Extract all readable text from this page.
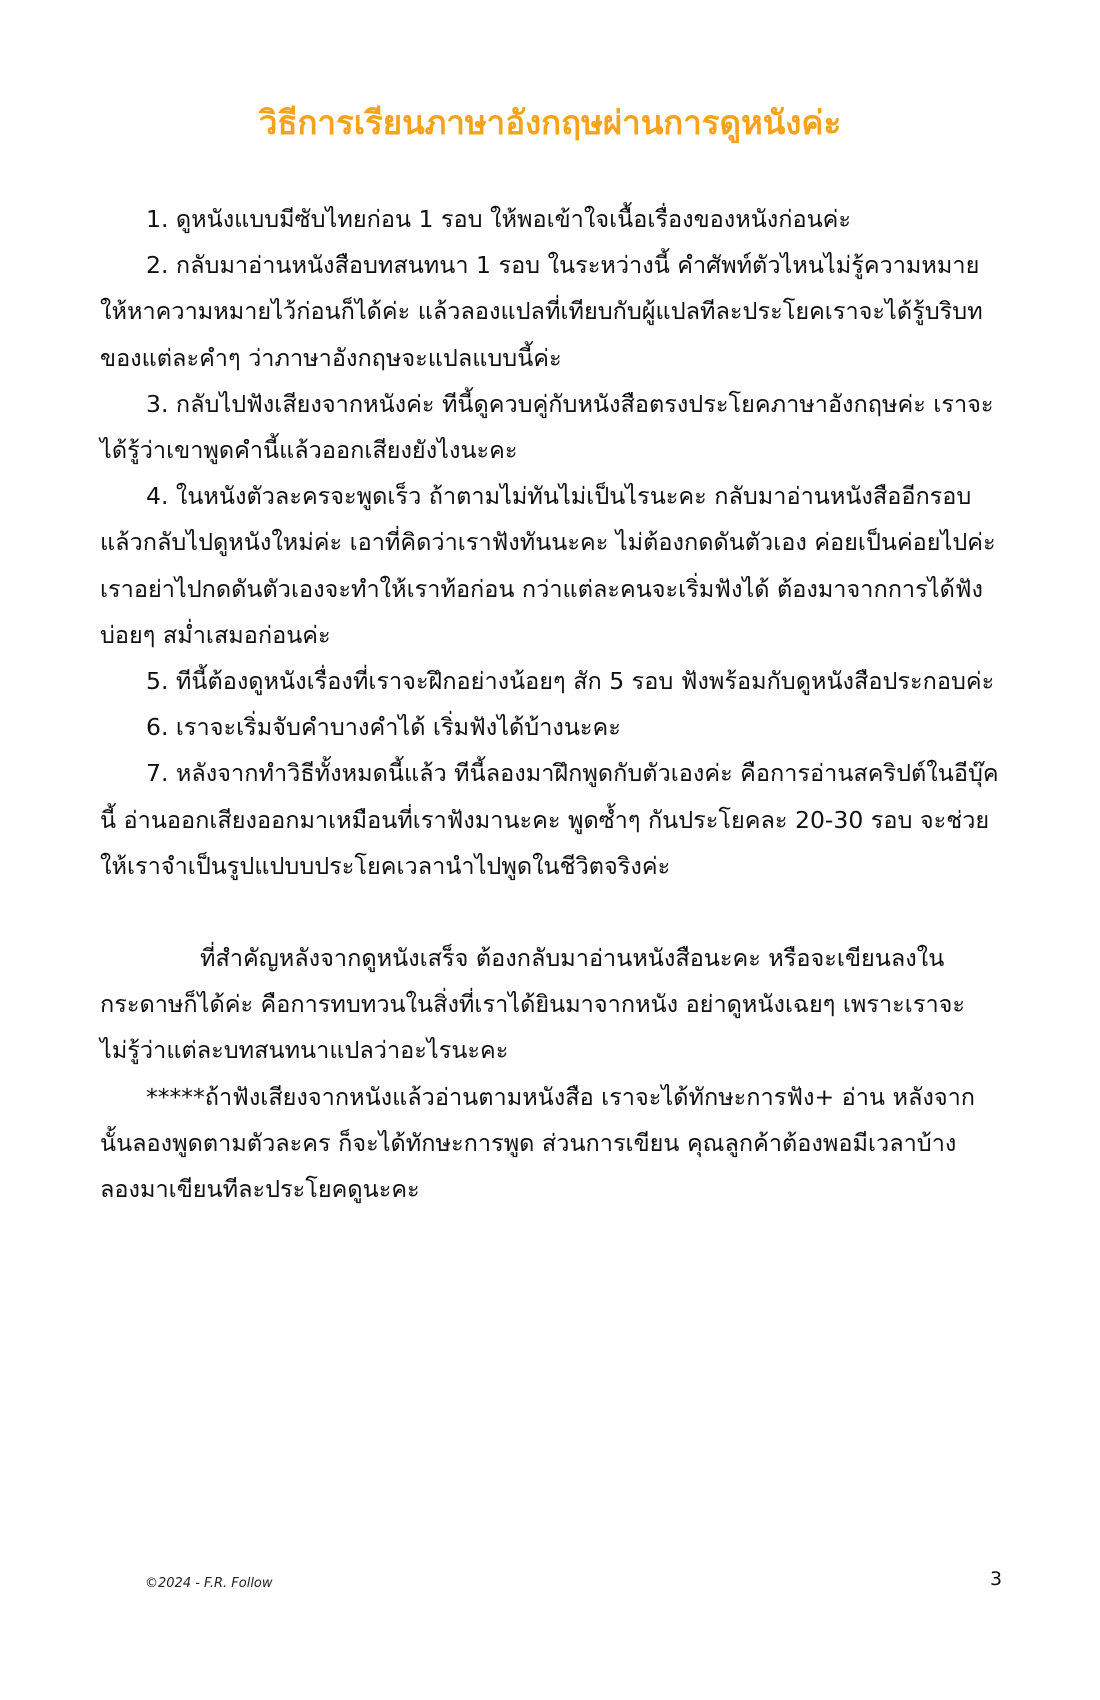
วิธีการเรียนภาษาอังกฤษผ่านการดูหนังค่ะ

1. ดูหนังแบบมีซับไทยก่อน 1 รอบ ให้พอเข้าใจเนื้อเรื่องของหนังก่อนค่ะ

2. กลับมาอ่านหนังสือบทสนทนา 1 รอบ ในระหว่างนี้ คำศัพท์ตัวไหนไม่รู้ความหมายให้หาความหมายไว้ก่อนก็ได้ค่ะ แล้วลองแปลที่เทียบกับผู้แปลทีละประโยคเราจะได้รู้บริบทของแต่ละคำๆ ว่าภาษาอังกฤษจะแปลแบบนี้ค่ะ

3. กลับไปฟังเสียงจากหนังค่ะ ทีนี้ดูควบคู่กับหนังสือตรงประโยคภาษาอังกฤษค่ะ เราจะได้รู้ว่าเขาพูดคำนี้แล้วออกเสียงยังไงนะคะ

4. ในหนังตัวละครจะพูดเร็ว ถ้าตามไม่ทันไม่เป็นไรนะคะ กลับมาอ่านหนังสืออีกรอบ แล้วกลับไปดูหนังใหม่ค่ะ เอาที่คิดว่าเราฟังทันนะคะ ไม่ต้องกดดันตัวเอง ค่อยเป็นค่อยไปค่ะ เราอย่าไปกดดันตัวเองจะทำให้เราท้อก่อน กว่าแต่ละคนจะเริ่มฟังได้ ต้องมาจากการได้ฟังบ่อยๆ สม่ำเสมอก่อนค่ะ

5. ทีนี้ต้องดูหนังเรื่องที่เราจะฝึกอย่างน้อยๆ สัก 5 รอบ ฟังพร้อมกับดูหนังสือประกอบค่ะ

6. เราจะเริ่มจับคำบางคำได้ เริ่มฟังได้บ้างนะคะ

7. หลังจากทำวิธีทั้งหมดนี้แล้ว ทีนี้ลองมาฝึกพูดกับตัวเองค่ะ คือการอ่านสคริปต์ในอีบุ๊คนี้ อ่านออกเสียงออกมาเหมือนที่เราฟังมานะคะ พูดซ้ำๆ กันประโยคละ 20-30 รอบ จะช่วยให้เราจำเป็นรูปแปบบประโยคเวลานำไปพูดในชีวิตจริงค่ะ

ที่สำคัญหลังจากดูหนังเสร็จ ต้องกลับมาอ่านหนังสือนะคะ หรือจะเขียนลงในกระดาษก็ได้ค่ะ คือการทบทวนในสิ่งที่เราได้ยินมาจากหนัง อย่าดูหนังเฉยๆ เพราะเราจะไม่รู้ว่าแต่ละบทสนทนาแปลว่าอะไรนะคะ

*****ถ้าฟังเสียงจากหนังแล้วอ่านตามหนังสือ เราจะได้ทักษะการฟัง+ อ่าน หลังจากนั้นลองพูดตามตัวละคร ก็จะได้ทักษะการพูด ส่วนการเขียน คุณลูกค้าต้องพอมีเวลาบ้าง ลองมาเขียนทีละประโยคดูนะคะ

©2024 - F.R. Follow	3
